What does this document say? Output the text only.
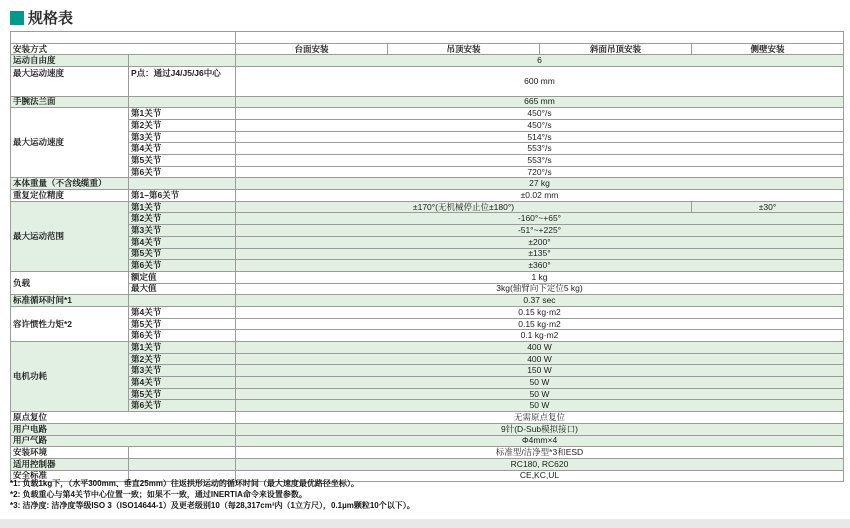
规格表
		C3			
安装方式		台面安装	吊顶安装	斜面吊顶安装	侧壁安装
运动自由度		6			
最大运动速度	P点：通过J4/J5/J6中心	600 mm			
手腕法兰面		665 mm			
最大运动速度	第1关节	450°/s			
	第2关节	450°/s			
	第3关节	514°/s			
	第4关节	553°/s			
	第5关节	553°/s			
	第6关节	720°/s			
本体重量（不含线缆重）		27 kg			
重复定位精度	第1–第6关节	±0.02 mm			
最大运动范围	第1关节	±170°(无机械停止位±180°)			±30°
	第2关节	-160°~+65°			
	第3关节	-51°~+225°			
	第4关节	±200°			
	第5关节	±135°			
	第6关节	±360°			
负载	额定值	1 kg			
	最大值	3kg(轴臂向下定位5 kg)			
标准循环时间*1		0.37 sec			
容许惯性力矩*2	第4关节	0.15 kg·m2			
	第5关节	0.15 kg·m2			
	第6关节	0.1 kg·m2			
电机功耗	第1关节	400 W			
	第2关节	400 W			
	第3关节	150 W			
	第4关节	50 W			
	第5关节	50 W			
	第6关节	50 W			
原点复位		无需原点复位			
用户电路		9针(D-Sub模拟接口)			
用户气路		Φ4mm×4			
安装环境		标准型/洁净型*3和ESD			
适用控制器		RC180, RC620			
安全标准		CE,KC,UL			
*1: 负载1kg下，（水平300mm、垂直25mm）往返拱形运动的循环时间（最大速度最优路径坐标）。
*2: 负载重心与第4关节中心位置一致；如果不一致，通过INERTIA命令来设置参数。
*3: 洁净度: 洁净度等级ISO 3（ISO14644-1）及更老级别10（每28,317cm³内（1立方尺），0.1µm颗粒10个以下）。
